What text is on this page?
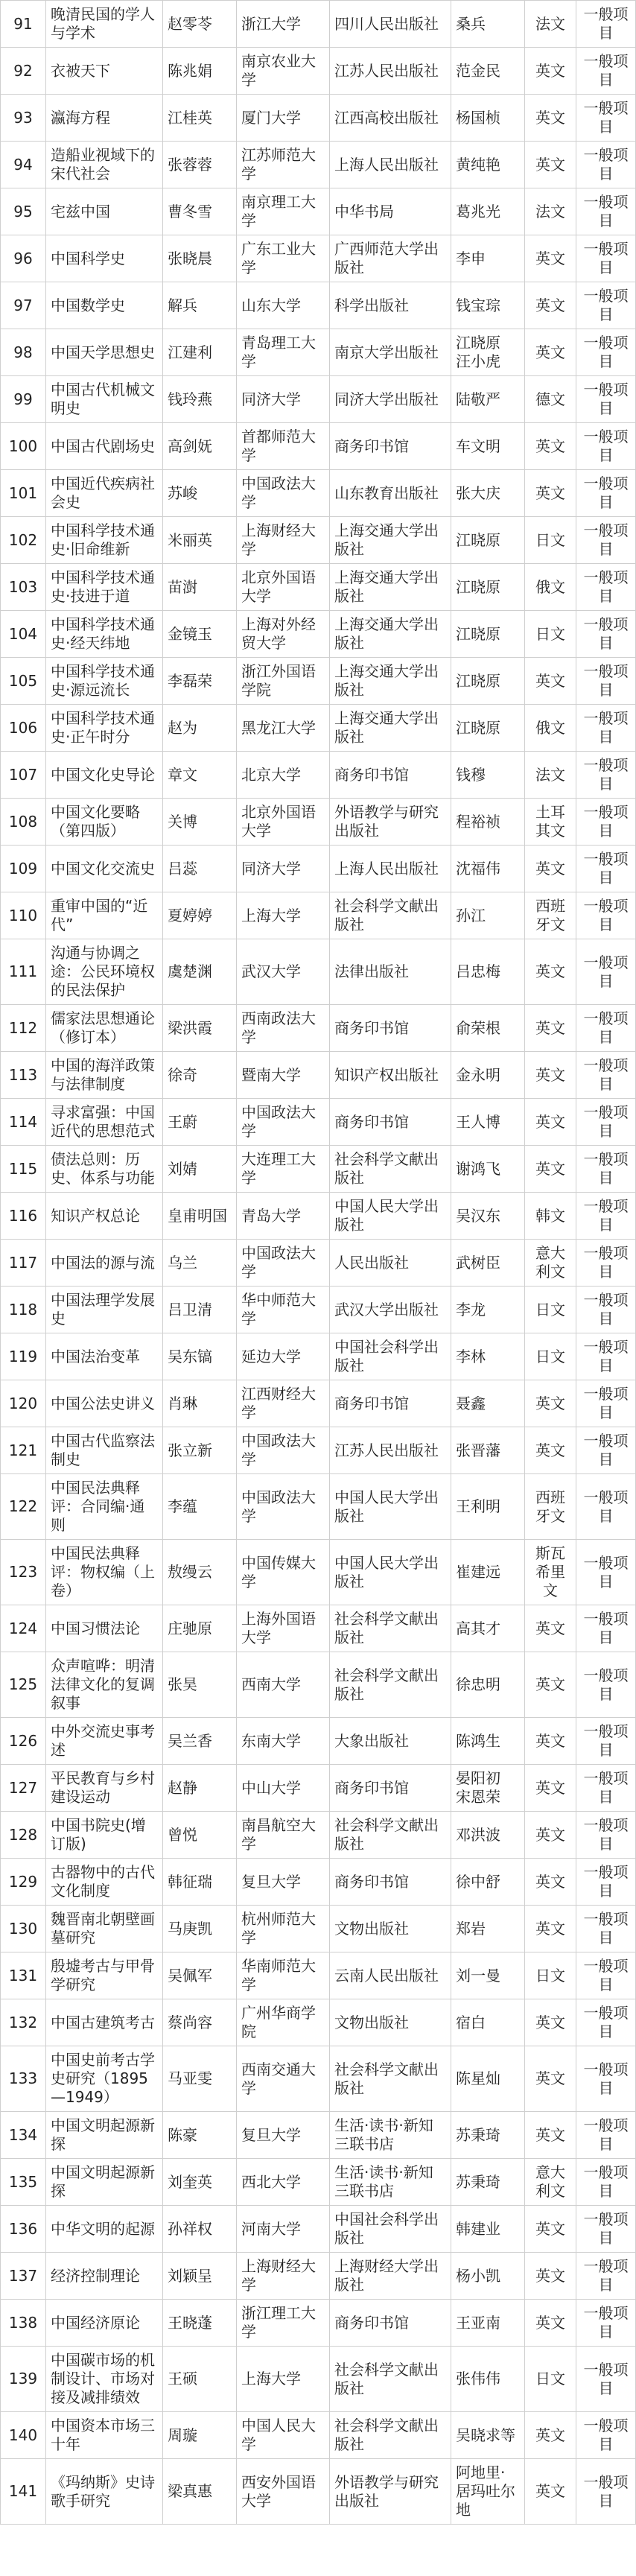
91	晚清民国的学人与学术	赵零苓	浙江大学	四川人民出版社	桑兵	法文	一般项目
92	衣被天下	陈兆娟	南京农业大学	江苏人民出版社	范金民	英文	一般项目
93	瀛海方程	江桂英	厦门大学	江西高校出版社	杨国桢	英文	一般项目
94	造船业视域下的宋代社会	张蓉蓉	江苏师范大学	上海人民出版社	黄纯艳	英文	一般项目
95	宅兹中国	曹冬雪	南京理工大学	中华书局	葛兆光	法文	一般项目
96	中国科学史	张晓晨	广东工业大学	广西师范大学出版社	李申	英文	一般项目
97	中国数学史	解兵	山东大学	科学出版社	钱宝琮	英文	一般项目
98	中国天学思想史	江建利	青岛理工大学	南京大学出版社	江晓原 汪小虎	英文	一般项目
99	中国古代机械文明史	钱玲燕	同济大学	同济大学出版社	陆敬严	德文	一般项目
100	中国古代剧场史	高剑妩	首都师范大学	商务印书馆	车文明	英文	一般项目
101	中国近代疾病社会史	苏峻	中国政法大学	山东教育出版社	张大庆	英文	一般项目
102	中国科学技术通史·旧命维新	米丽英	上海财经大学	上海交通大学出版社	江晓原	日文	一般项目
103	中国科学技术通史·技进于道	苗澍	北京外国语大学	上海交通大学出版社	江晓原	俄文	一般项目
104	中国科学技术通史·经天纬地	金镜玉	上海对外经贸大学	上海交通大学出版社	江晓原	日文	一般项目
105	中国科学技术通史·源远流长	李磊荣	浙江外国语学院	上海交通大学出版社	江晓原	英文	一般项目
106	中国科学技术通史·正午时分	赵为	黑龙江大学	上海交通大学出版社	江晓原	俄文	一般项目
107	中国文化史导论	章文	北京大学	商务印书馆	钱穆	法文	一般项目
108	中国文化要略（第四版）	关博	北京外国语大学	外语教学与研究出版社	程裕祯	土耳其文	一般项目
109	中国文化交流史	吕蕊	同济大学	上海人民出版社	沈福伟	英文	一般项目
110	重审中国的“近代”	夏婷婷	上海大学	社会科学文献出版社	孙江	西班牙文	一般项目
111	沟通与协调之途：公民环境权的民法保护	虞楚渊	武汉大学	法律出版社	吕忠梅	英文	一般项目
112	儒家法思想通论（修订本）	梁洪霞	西南政法大学	商务印书馆	俞荣根	英文	一般项目
113	中国的海洋政策与法律制度	徐奇	暨南大学	知识产权出版社	金永明	英文	一般项目
114	寻求富强：中国近代的思想范式	王蔚	中国政法大学	商务印书馆	王人博	英文	一般项目
115	债法总则：历史、体系与功能	刘婧	大连理工大学	社会科学文献出版社	谢鸿飞	英文	一般项目
116	知识产权总论	皇甫明国	青岛大学	中国人民大学出版社	吴汉东	韩文	一般项目
117	中国法的源与流	乌兰	中国政法大学	人民出版社	武树臣	意大利文	一般项目
118	中国法理学发展史	吕卫清	华中师范大学	武汉大学出版社	李龙	日文	一般项目
119	中国法治变革	吴东镐	延边大学	中国社会科学出版社	李林	日文	一般项目
120	中国公法史讲义	肖琳	江西财经大学	商务印书馆	聂鑫	英文	一般项目
121	中国古代监察法制史	张立新	中国政法大学	江苏人民出版社	张晋藩	英文	一般项目
122	中国民法典释评：合同编·通则	李蕴	中国政法大学	中国人民大学出版社	王利明	西班牙文	一般项目
123	中国民法典释评：物权编（上卷）	敖缦云	中国传媒大学	中国人民大学出版社	崔建远	斯瓦希里文	一般项目
124	中国习惯法论	庄驰原	上海外国语大学	社会科学文献出版社	高其才	英文	一般项目
125	众声喧哗：明清法律文化的复调叙事	张昊	西南大学	社会科学文献出版社	徐忠明	英文	一般项目
126	中外交流史事考述	吴兰香	东南大学	大象出版社	陈鸿生	英文	一般项目
127	平民教育与乡村建设运动	赵静	中山大学	商务印书馆	晏阳初 宋恩荣	英文	一般项目
128	中国书院史(增订版)	曾悦	南昌航空大学	社会科学文献出版社	邓洪波	英文	一般项目
129	古器物中的古代文化制度	韩征瑞	复旦大学	商务印书馆	徐中舒	英文	一般项目
130	魏晋南北朝壁画墓研究	马庚凯	杭州师范大学	文物出版社	郑岩	英文	一般项目
131	殷墟考古与甲骨学研究	吴佩军	华南师范大学	云南人民出版社	刘一曼	日文	一般项目
132	中国古建筑考古	蔡尚容	广州华商学院	文物出版社	宿白	英文	一般项目
133	中国史前考古学史研究（1895—1949）	马亚雯	西南交通大学	社会科学文献出版社	陈星灿	英文	一般项目
134	中国文明起源新探	陈豪	复旦大学	生活·读书·新知三联书店	苏秉琦	英文	一般项目
135	中国文明起源新探	刘奎英	西北大学	生活·读书·新知三联书店	苏秉琦	意大利文	一般项目
136	中华文明的起源	孙祥权	河南大学	中国社会科学出版社	韩建业	英文	一般项目
137	经济控制理论	刘颖呈	上海财经大学	上海财经大学出版社	杨小凯	英文	一般项目
138	中国经济原论	王晓蓬	浙江理工大学	商务印书馆	王亚南	英文	一般项目
139	中国碳市场的机制设计、市场对接及减排绩效	王硕	上海大学	社会科学文献出版社	张伟伟	日文	一般项目
140	中国资本市场三十年	周璇	中国人民大学	社会科学文献出版社	吴晓求等	英文	一般项目
141	《玛纳斯》史诗歌手研究	梁真惠	西安外国语大学	外语教学与研究出版社	阿地里·居玛吐尔地	英文	一般项目
